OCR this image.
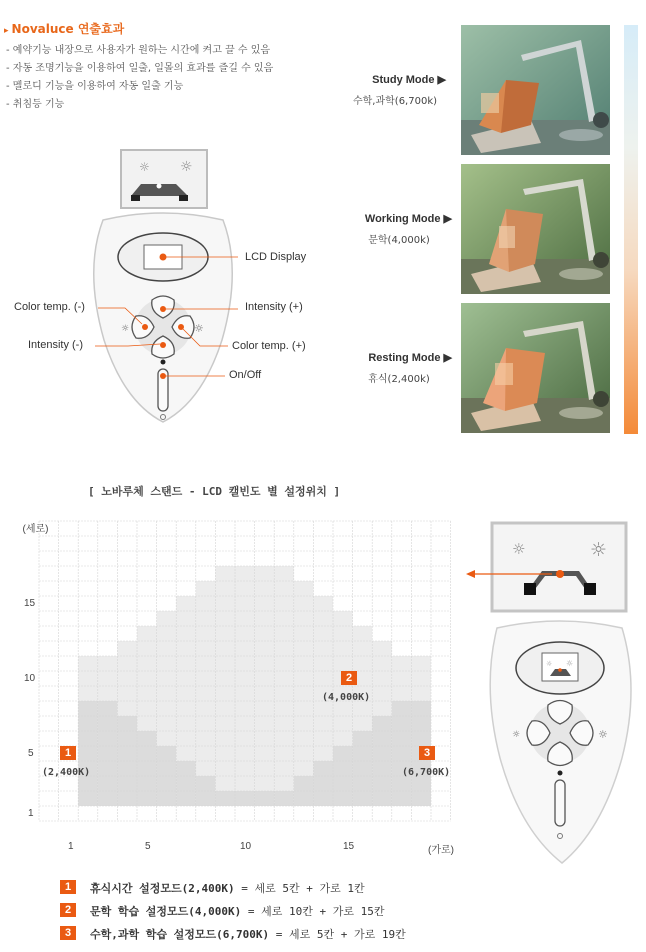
▸ Novaluce 연출효과
- 예약기능 내장으로 사용자가 원하는 시간에 켜고 끌 수 있음
- 자동 조명기능을 이용하여 일출, 일몰의 효과를 즐길 수 있음
- 멜로디 기능을 이용하여 자동 일출 기능
- 취침등 기능
Study Mode ▶
수학,과학(6,700k)
Working Mode ▶
문학(4,000k)
Resting Mode ▶
휴식(2,400k)
☼ ☼
☼	☼
LCD Display
Color temp. (-)	Intensity (+)
Intensity (-)	Color temp. (+)
On/Off
[ 노바루체 스탠드 - LCD 캘빈도 별 설정위치 ]
(세로)
15
10
5
1
1	5	10	15	(가로)
1
(2,400K)
2
(4,000K)
3
(6,700K)
☼	☼
☼ ☼
☼	☼
1	휴식시간 설정모드(2,400K) = 세로 5칸 + 가로 1칸
2	문학 학습 설정모드(4,000K) = 세로 10칸 + 가로 15칸
3	수학,과학 학습 설정모드(6,700K) = 세로 5칸 + 가로 19칸
